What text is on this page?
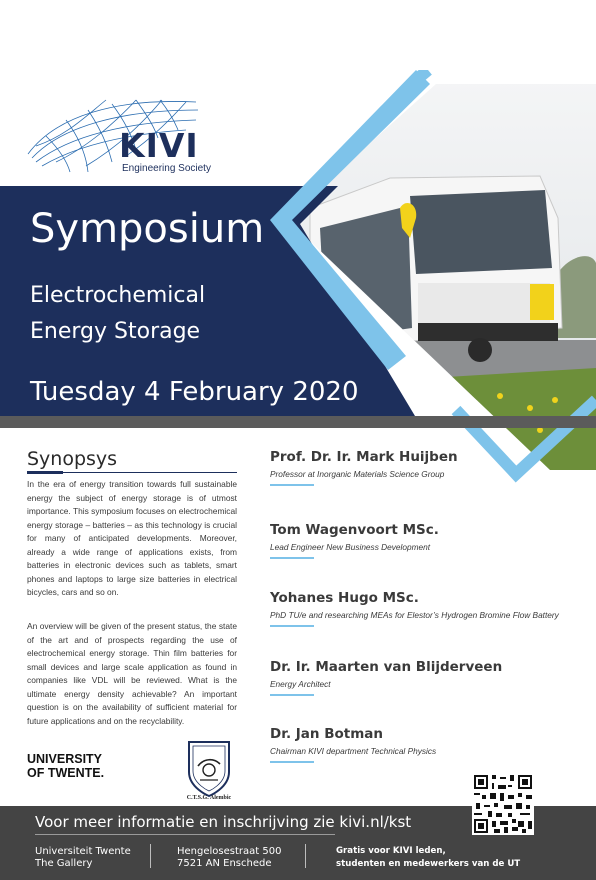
KIVI
Engineering Society
Symposium
Electrochemical
Energy Storage
Tuesday 4 February 2020
Synopsys
In the era of energy transition towards full sustainable energy the subject of energy storage is of utmost importance. This symposium focuses on electrochemical energy storage – batteries – as this technology is crucial for many of anticipated developments. Moreover, already a wide range of applications exists, from batteries in electronic devices such as tablets, smart phones and laptops to large size batteries in electrical bicycles, cars and so on.
An overview will be given of the present status, the state of the art and of prospects regarding the use of electrochemical energy storage. Thin film batteries for small devices and large scale application as found in companies like VDL will be reviewed. What is the ultimate energy density achievable? An important question is on the availability of sufficient material for future applications and on the recyclability.
UNIVERSITY
OF TWENTE.
C.T.S.G. Alembic
Prof. Dr. Ir. Mark Huijben
Professor at Inorganic Materials Science Group
Tom Wagenvoort MSc.
Lead Engineer New Business Development
Yohanes Hugo MSc.
PhD TU/e and researching MEAs for Elestor’s Hydrogen Bromine Flow Battery
Dr. Ir. Maarten van Blijderveen
Energy Architect
Dr. Jan Botman
Chairman KIVI department Technical Physics
Voor meer informatie en inschrijving zie kivi.nl/kst
Universiteit Twente
The Gallery
Hengelosestraat 500
7521 AN Enschede
Gratis voor KIVI leden,
studenten en medewerkers van de UT
